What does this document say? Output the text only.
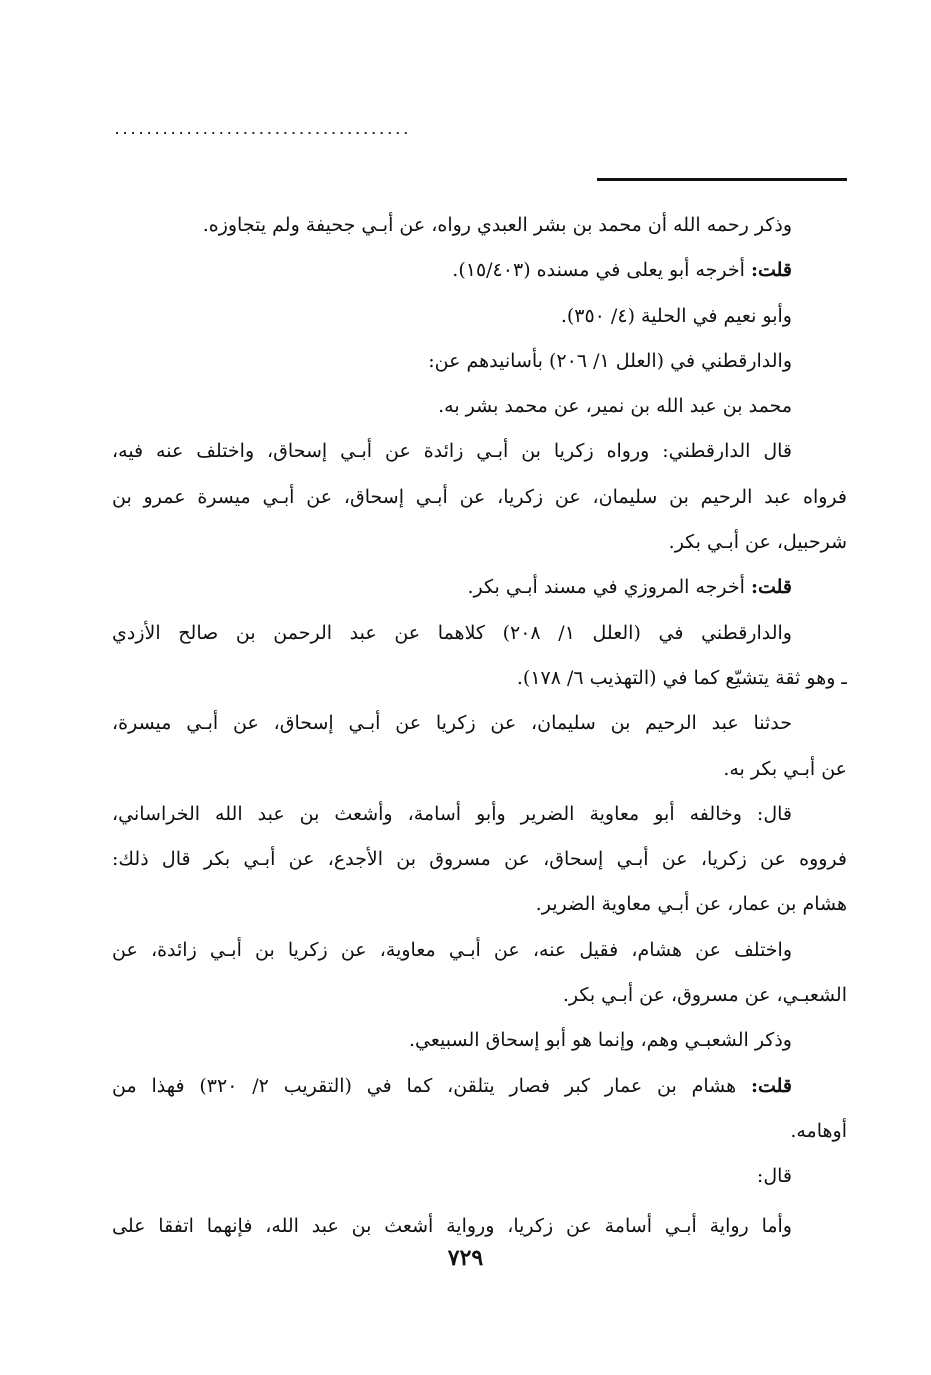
․․․․․․․․․․․․․․․․․․․․․․․․․․․․․․․․․․․․․
وذكر رحمه الله أن محمد بن بشر العبدي رواه، عن أبـي جحيفة ولم يتجاوزه.
قلت: أخرجه أبو يعلى في مسنده (١٥/٤٠٣).
وأبو نعيم في الحلية (٤/ ٣٥٠).
والدارقطني في (العلل ١/ ٢٠٦) بأسانيدهم عن:
محمد بن عبد الله بن نمير، عن محمد بشر به.
قال الدارقطني: ورواه زكريا بن أبـي زائدة عن أبـي إسحاق، واختلف عنه فيه،
فرواه عبد الرحيم بن سليمان، عن زكريا، عن أبـي إسحاق، عن أبـي ميسرة عمرو بن
شرحبيل، عن أبـي بكر.
قلت: أخرجه المروزي في مسند أبـي بكر.
والدارقطني في (العلل ١/ ٢٠٨) كلاهما عن عبد الرحمن بن صالح الأزدي
ـ وهو ثقة يتشيّع كما في (التهذيب ٦/ ١٧٨).
حدثنا عبد الرحيم بن سليمان، عن زكريا عن أبـي إسحاق، عن أبـي ميسرة،
عن أبـي بكر به.
قال: وخالفه أبو معاوية الضرير وأبو أسامة، وأشعث بن عبد الله الخراساني،
فرووه عن زكريا، عن أبـي إسحاق، عن مسروق بن الأجدع، عن أبـي بكر قال ذلك:
هشام بن عمار، عن أبـي معاوية الضرير.
واختلف عن هشام، فقيل عنه، عن أبـي معاوية، عن زكريا بن أبـي زائدة، عن
الشعبـي، عن مسروق، عن أبـي بكر.
وذكر الشعبـي وهم، وإنما هو أبو إسحاق السبيعي.
قلت: هشام بن عمار كبر فصار يتلقن، كما في (التقريب ٢/ ٣٢٠) فهذا من
أوهامه.
قال:
وأما رواية أبـي أسامة عن زكريا، ورواية أشعث بن عبد الله، فإنهما اتفقا على
٧٢٩
